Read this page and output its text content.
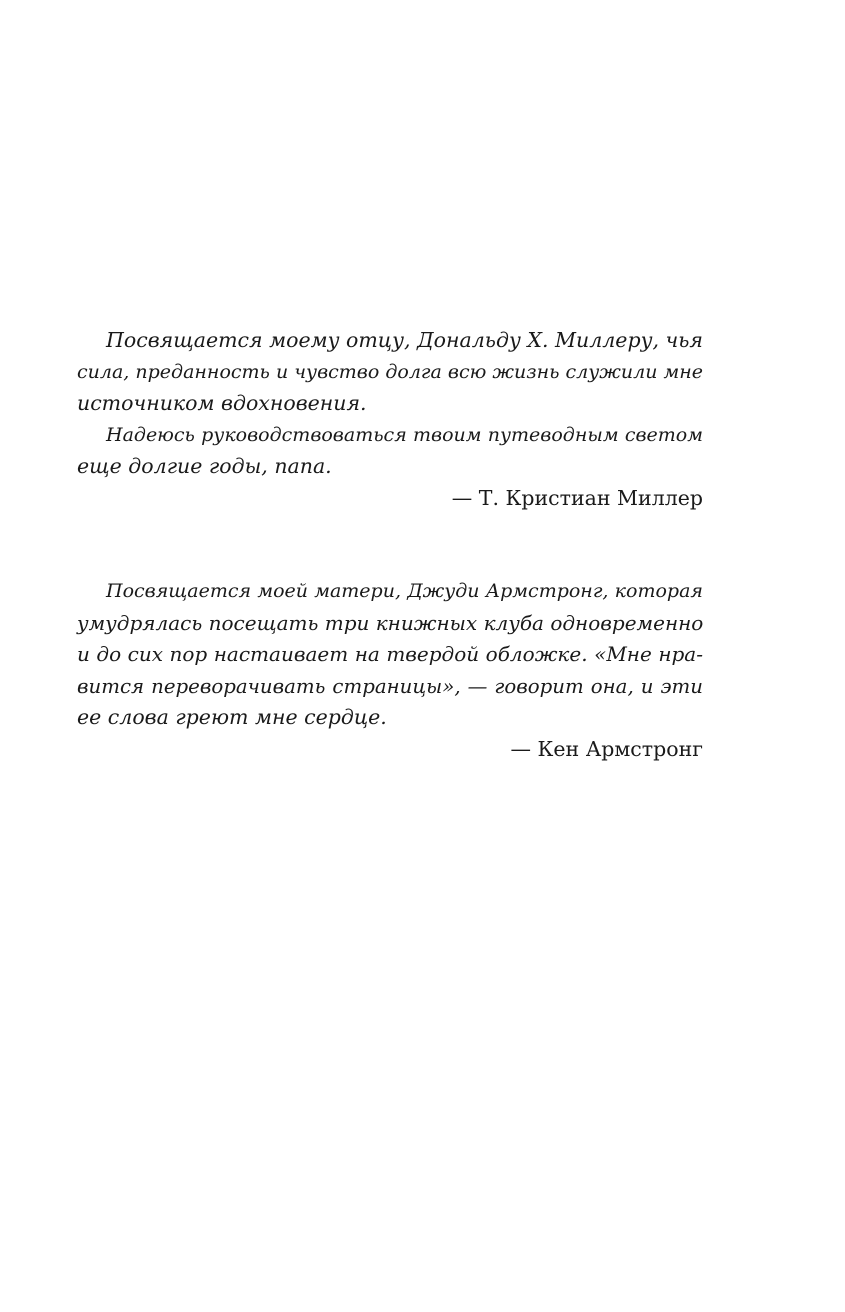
Посвящается моему отцу, Дональду Х. Миллеру, чья
сила, преданность и чувство долга всю жизнь служили мне
источником вдохновения.
Надеюсь руководствоваться твоим путеводным светом
еще долгие годы, папа.
— Т. Кристиан Миллер
Посвящается моей матери, Джуди Армстронг, которая
умудрялась посещать три книжных клуба одновременно
и до сих пор настаивает на твердой обложке. «Мне нра-
вится переворачивать страницы», — говорит она, и эти
ее слова греют мне сердце.
— Кен Армстронг
